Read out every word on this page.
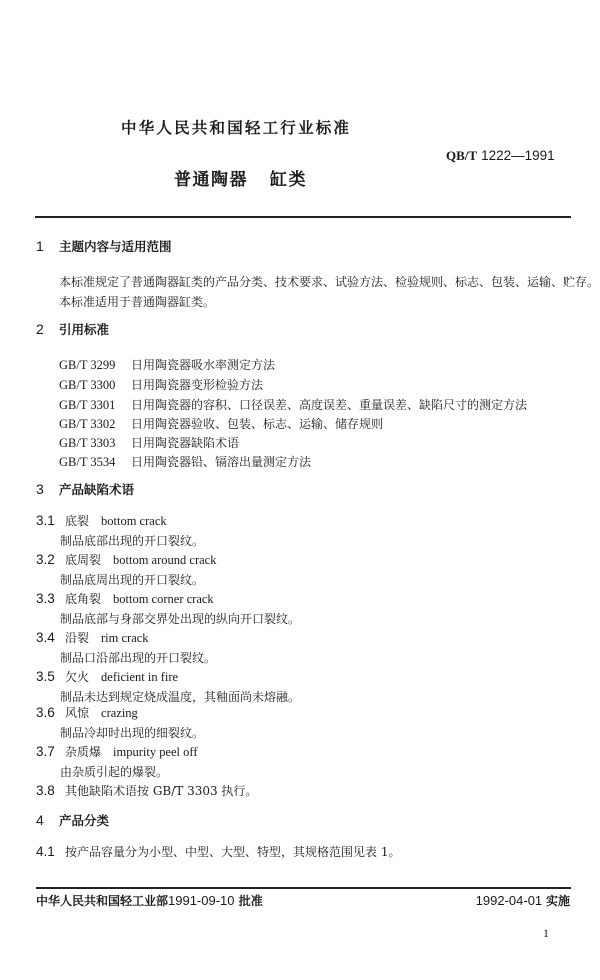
中华人民共和国轻工行业标准
QB/T 1222—1991
普通陶器 缸类
1 主题内容与适用范围
本标准规定了普通陶器缸类的产品分类、技术要求、试验方法、检验规则、标志、包装、运输、贮存。
本标准适用于普通陶器缸类。
2 引用标准
GB/T 3299 日用陶瓷器吸水率测定方法
GB/T 3300 日用陶瓷器变形检验方法
GB/T 3301 日用陶瓷器的容积、口径误差、高度误差、重量误差、缺陷尺寸的测定方法
GB/T 3302 日用陶瓷器验收、包装、标志、运输、储存规则
GB/T 3303 日用陶瓷器缺陷术语
GB/T 3534 日用陶瓷器铅、镉溶出量测定方法
3 产品缺陷术语
3.1 底裂 bottom crack
制品底部出现的开口裂纹。
3.2 底周裂 bottom around crack
制品底周出现的开口裂纹。
3.3 底角裂 bottom corner crack
制品底部与身部交界处出现的纵向开口裂纹。
3.4 沿裂 rim crack
制品口沿部出现的开口裂纹。
3.5 欠火 deficient in fire
制品未达到规定烧成温度，其釉面尚未熔融。
3.6 风惊 crazing
制品冷却时出现的细裂纹。
3.7 杂质爆 impurity peel off
由杂质引起的爆裂。
3.8 其他缺陷术语按 GB/T 3303 执行。
4 产品分类
4.1 按产品容量分为小型、中型、大型、特型，其规格范围见表 1。
中华人民共和国轻工业部1991-09-10 批准	1992-04-01 实施
1
